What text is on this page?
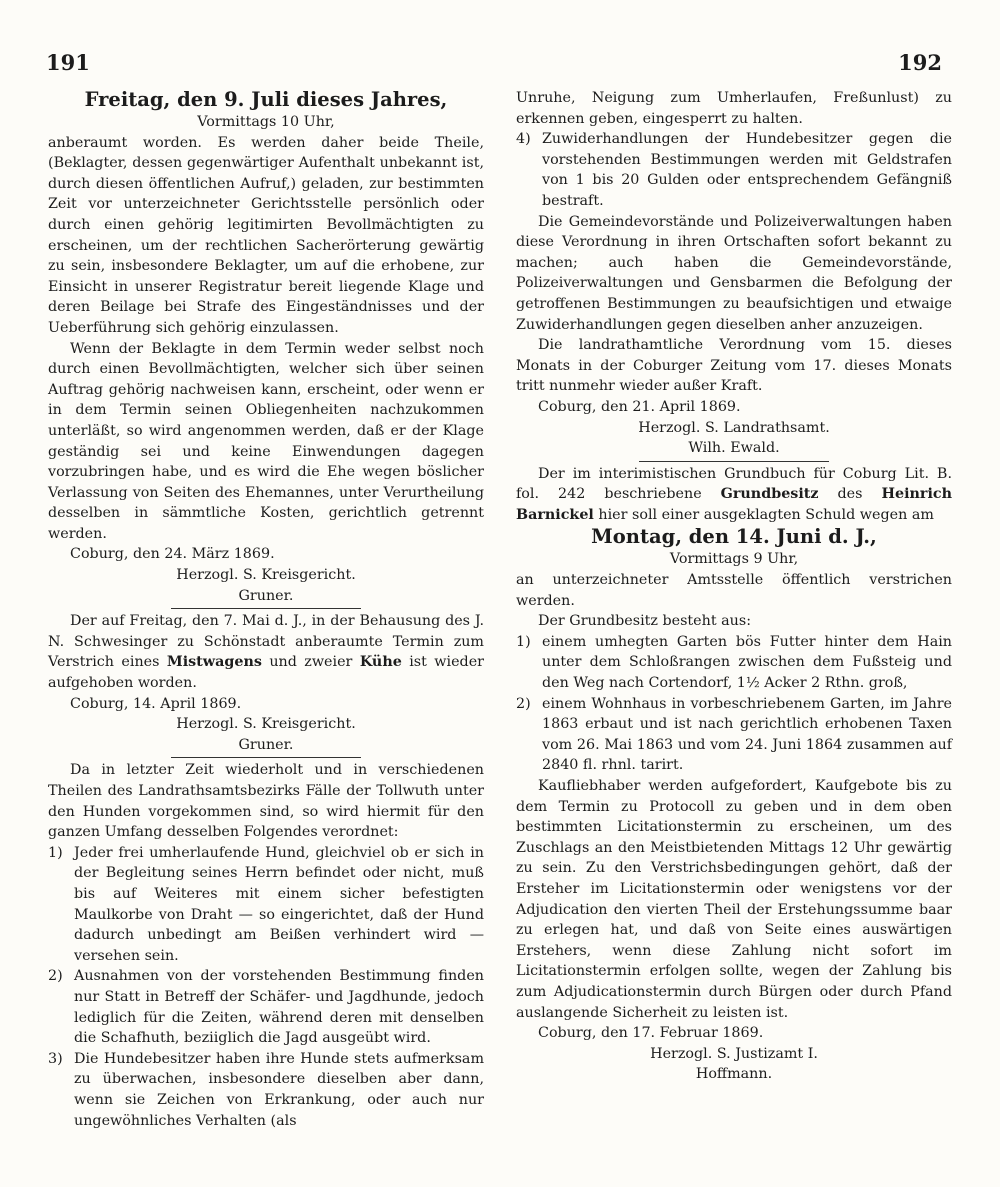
191	192

Freitag, den 9. Juli dieses Jahres,

Vormittags 10 Uhr,

anberaumt worden. Es werden daher beide Theile, (Beklagter, dessen gegenwärtiger Aufenthalt unbekannt ist, durch diesen öffentlichen Aufruf,) geladen, zur bestimmten Zeit vor unterzeichneter Gerichtsstelle persönlich oder durch einen gehörig legitimirten Bevollmächtigten zu erscheinen, um der rechtlichen Sacherörterung gewärtig zu sein, insbesondere Beklagter, um auf die erhobene, zur Einsicht in unserer Registratur bereit liegende Klage und deren Beilage bei Strafe des Eingeständnisses und der Ueberführung sich gehörig einzulassen.

Wenn der Beklagte in dem Termin weder selbst noch durch einen Bevollmächtigten, welcher sich über seinen Auftrag gehörig nachweisen kann, erscheint, oder wenn er in dem Termin seinen Obliegenheiten nachzukommen unterläßt, so wird angenommen werden, daß er der Klage geständig sei und keine Einwendungen dagegen vorzubringen habe, und es wird die Ehe wegen böslicher Verlassung von Seiten des Ehemannes, unter Verurtheilung desselben in sämmtliche Kosten, gerichtlich getrennt werden.

Coburg, den 24. März 1869.

Herzogl. S. Kreisgericht.

Gruner.

Der auf Freitag, den 7. Mai d. J., in der Behausung des J. N. Schwesinger zu Schönstadt anberaumte Termin zum Verstrich eines Mistwagens und zweier Kühe ist wieder aufgehoben worden.

Coburg, 14. April 1869.

Herzogl. S. Kreisgericht.

Gruner.

Da in letzter Zeit wiederholt und in verschiedenen Theilen des Landrathsamtsbezirks Fälle der Tollwuth unter den Hunden vorgekommen sind, so wird hiermit für den ganzen Umfang desselben Folgendes verordnet:

1) Jeder frei umherlaufende Hund, gleichviel ob er sich in der Begleitung seines Herrn befindet oder nicht, muß bis auf Weiteres mit einem sicher befestigten Maulkorbe von Draht — so eingerichtet, daß der Hund dadurch unbedingt am Beißen verhindert wird — versehen sein.
2) Ausnahmen von der vorstehenden Bestimmung finden nur Statt in Betreff der Schäfer- und Jagdhunde, jedoch lediglich für die Zeiten, während deren mit denselben die Schafhuth, beziiglich die Jagd ausgeübt wird.
3) Die Hundebesitzer haben ihre Hunde stets aufmerksam zu überwachen, insbesondere dieselben aber dann, wenn sie Zeichen von Erkrankung, oder auch nur ungewöhnliches Verhalten (als

Unruhe, Neigung zum Umherlaufen, Freßunlust) zu erkennen geben, eingesperrt zu halten.

4) Zuwiderhandlungen der Hundebesitzer gegen die vorstehenden Bestimmungen werden mit Geldstrafen von 1 bis 20 Gulden oder entsprechendem Gefängniß bestraft.

Die Gemeindevorstände und Polizeiverwaltungen haben diese Verordnung in ihren Ortschaften sofort bekannt zu machen; auch haben die Gemeindevorstände, Polizeiverwaltungen und Gensbarmen die Befolgung der getroffenen Bestimmungen zu beaufsichtigen und etwaige Zuwiderhandlungen gegen dieselben anher anzuzeigen.

Die landrathamtliche Verordnung vom 15. dieses Monats in der Coburger Zeitung vom 17. dieses Monats tritt nunmehr wieder außer Kraft.

Coburg, den 21. April 1869.

Herzogl. S. Landrathsamt.

Wilh. Ewald.

Der im interimistischen Grundbuch für Coburg Lit. B. fol. 242 beschriebene Grundbesitz des Heinrich Barnickel hier soll einer ausgeklagten Schuld wegen am

Montag, den 14. Juni d. J.,

Vormittags 9 Uhr,

an unterzeichneter Amtsstelle öffentlich verstrichen werden.

Der Grundbesitz besteht aus:

1) einem umhegten Garten bös Futter hinter dem Hain unter dem Schloßrangen zwischen dem Fußsteig und den Weg nach Cortendorf, 1½ Acker 2 Rthn. groß,
2) einem Wohnhaus in vorbeschriebenem Garten, im Jahre 1863 erbaut und ist nach gerichtlich erhobenen Taxen vom 26. Mai 1863 und vom 24. Juni 1864 zusammen auf 2840 fl. rhnl. tarirt.

Kaufliebhaber werden aufgefordert, Kaufgebote bis zu dem Termin zu Protocoll zu geben und in dem oben bestimmten Licitationstermin zu erscheinen, um des Zuschlags an den Meistbietenden Mittags 12 Uhr gewärtig zu sein. Zu den Verstrichsbedingungen gehört, daß der Ersteher im Licitationstermin oder wenigstens vor der Adjudication den vierten Theil der Erstehungssumme baar zu erlegen hat, und daß von Seite eines auswärtigen Erstehers, wenn diese Zahlung nicht sofort im Licitationstermin erfolgen sollte, wegen der Zahlung bis zum Adjudicationstermin durch Bürgen oder durch Pfand auslangende Sicherheit zu leisten ist.

Coburg, den 17. Februar 1869.

Herzogl. S. Justizamt I.

Hoffmann.
